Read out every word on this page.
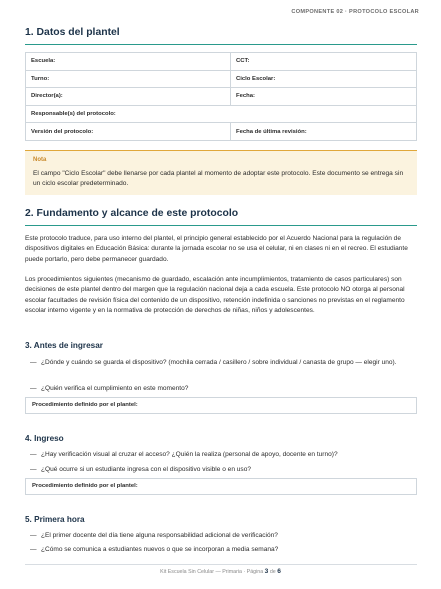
COMPONENTE 02 · PROTOCOLO ESCOLAR
1. Datos del plantel
Escuela:	CCT:
Turno:	Ciclo Escolar:
Director(a):	Fecha:
Responsable(s) del protocolo:	
Versión del protocolo:	Fecha de última revisión:
Nota
El campo "Ciclo Escolar" debe llenarse por cada plantel al momento de adoptar este protocolo. Este documento se entrega sin un ciclo escolar predeterminado.
2. Fundamento y alcance de este protocolo
Este protocolo traduce, para uso interno del plantel, el principio general establecido por el Acuerdo Nacional para la regulación de dispositivos digitales en Educación Básica: durante la jornada escolar no se usa el celular, ni en clases ni en el recreo. El estudiante puede portarlo, pero debe permanecer guardado.
Los procedimientos siguientes (mecanismo de guardado, escalación ante incumplimientos, tratamiento de casos particulares) son decisiones de este plantel dentro del margen que la regulación nacional deja a cada escuela. Este protocolo NO otorga al personal escolar facultades de revisión física del contenido de un dispositivo, retención indefinida o sanciones no previstas en el reglamento escolar interno vigente y en la normativa de protección de derechos de niñas, niños y adolescentes.
3. Antes de ingresar
— ¿Dónde y cuándo se guarda el dispositivo? (mochila cerrada / casillero / sobre individual / canasta de grupo — elegir uno).
— ¿Quién verifica el cumplimiento en este momento?
Procedimiento definido por el plantel:
4. Ingreso
— ¿Hay verificación visual al cruzar el acceso? ¿Quién la realiza (personal de apoyo, docente en turno)?
— ¿Qué ocurre si un estudiante ingresa con el dispositivo visible o en uso?
Procedimiento definido por el plantel:
5. Primera hora
— ¿El primer docente del día tiene alguna responsabilidad adicional de verificación?
— ¿Cómo se comunica a estudiantes nuevos o que se incorporan a media semana?
Kit Escuela Sin Celular — Primaria · Página 3 de 6
